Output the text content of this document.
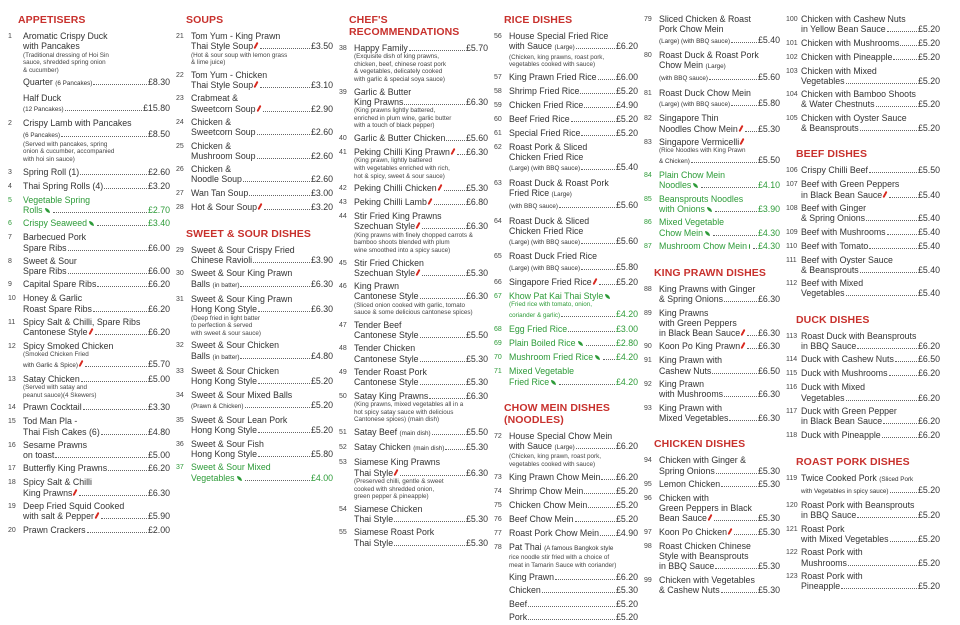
APPETISERS
1	Aromatic Crispy Duck
with Pancakes
(Traditional dressing of Hoi Sin
sauce, shredded spring onion
& cucumber)
Quarter
(6 Pancakes)	£8.30
Half Duck
(12 Pancakes)	£15.80
2	Crispy Lamb with Pancakes
(6 Pancakes)	£8.50
(Served with pancakes, spring
onion & cucumber, accompanied
with hoi sin sauce)
3	Spring Roll (1)	£2.60
4	Thai Spring Rolls (4)	£3.20
5	Vegetable Spring
Rolls	£2.70
6	Crispy Seaweed	£3.40
7	Barbecued Pork
Spare Ribs	£6.00
8	Sweet & Sour
Spare Ribs	£6.00
9	Capital Spare Ribs	£6.20
10 Honey & Garlic
Roast Spare Ribs	£6.20
11 Spicy Salt & Chilli, Spare Ribs
Cantonese Style	£6.20
12 Spicy Smoked Chicken
(Smoked Chicken Fried
with Garlic & Spice)	£5.70
13 Satay Chicken	£5.00
(Served with satay and
peanut sauce)(4 Skewers)
14 Prawn Cocktail	£3.30
15 Tod Man Pla -
Thai Fish Cakes (6)	£4.80
16 Sesame Prawns
on toast	£5.00
17 Butterfly King Prawns	£6.20
18 Spicy Salt & Chilli
King Prawns	£6.30
19 Deep Fried Squid Cooked
with salt & Pepper	£5.90
20 Prawn Crackers	£2.00
SOUPS
21 Tom Yum - King Prawn
Thai Style Soup	£3.50
(Hot & sour soup with lemon grass
& lime juice)
22 Tom Yum - Chicken
Thai Style Soup	£3.10
23 Crabmeat &
Sweetcorn Soup	£2.90
24 Chicken &
Sweetcorn Soup	£2.60
25 Chicken &
Mushroom Soup	£2.60
26 Chicken &
Noodle Soup	£2.60
27 Wan Tan Soup	£3.00
28 Hot & Sour Soup	£3.20
SWEET & SOUR DISHES
29 Sweet & Sour Crispy Fried
Chinese Ravioli	£3.90
30 Sweet & Sour King Prawn
Balls
(in batter)	£6.30
31 Sweet & Sour King Prawn
Hong Kong Style	£6.30
(Deep fried in light batter
to perfection & served
with sweet & sour sauce)
32 Sweet & Sour Chicken
Balls
(in batter)	£4.80
33 Sweet & Sour Chicken
Hong Kong Style	£5.20
34 Sweet & Sour Mixed Balls
(Prawn & Chicken)	£5.20
35 Sweet & Sour Lean Pork
Hong Kong Style	£5.20
36 Sweet & Sour Fish
Hong Kong Style	£5.80
37 Sweet & Sour Mixed
Vegetables	£4.00
CHEF'S RECOMMENDATIONS
38 Happy Family	£5.70
(Exquisite dish of king prawns,
chicken, beef, chinese roast pork
& vegetables, delicately cooked
with garlic & special soya sauce)
39 Garlic & Butter
King Prawns	£6.30
(King prawns lightly battered,
enriched in plum wine, garlic butter
with a touch of black pepper)
40 Garlic & Butter Chicken £5.60
41 Peking Chilli King Prawn £6.30
(King prawn, lightly battered
with vegetables enriched with rich,
hot & spicy, sweet & sour sauce)
42 Peking Chilli Chicken	£5.30
43 Peking Chilli Lamb	£6.80
44 Stir Fried King Prawns
Szechuan Style	£6.30
(King prawns with finely chopped carrots &
bamboo shoots blended with plum
wine smoothed into a spicy sauce)
45 Stir Fried Chicken
Szechuan Style	£5.30
46 King Prawn
Cantonese Style	£6.30
(Sliced onion cooked with garlic, tomato
sauce & some delicious cantonese spices)
47 Tender Beef
Cantonese Style	£5.50
48 Tender Chicken
Cantonese Style	£5.30
49 Tender Roast Pork
Cantonese Style	£5.30
50 Satay King Prawns	£6.30
(King prawns, mixed vegetables all in a
hot spicy satay sauce with delicious
Cantonese spices) (main dish)
51 Satay Beef
(main dish)	£5.50
52 Satay Chicken
(main dish) £5.30
53 Siamese King Prawns
Thai Style	£6.30
(Preserved chilli, gentle & sweet
cooked with shredded onion,
green pepper & pineapple)
54 Siamese Chicken
Thai Style	£5.30
55 Siamese Roast Pork
Thai Style	£5.30
RICE DISHES
56 House Special Fried Rice
with Sauce
(Large)	£6.20
(Chicken, king prawns, roast pork,
vegetables cooked with sauce)
57 King Prawn Fried Rice £6.00
58 Shrimp Fried Rice	£5.20
59 Chicken Fried Rice	£4.90
60 Beef Fried Rice	£5.20
61 Special Fried Rice	£5.20
62 Roast Pork & Sliced
Chicken Fried Rice
(Large) (with BBQ sauce)	£5.40
63 Roast Duck & Roast Pork
Fried Rice
(Large)
(with BBQ sauce)	£5.60
64 Roast Duck & Sliced
Chicken Fried Rice
(Large) (with BBQ sauce)	£5.60
65 Roast Duck Fried Rice
(Large) (with BBQ sauce)	£5.80
66 Singapore Fried Rice	£5.20
67 Khow Pat Kai Thai Style
(Fried rice with tomato, onion,
coriander & garlic)	£4.20
68 Egg Fried Rice	£3.00
69 Plain Boiled Rice	£2.80
70 Mushroom Fried Rice	£4.20
71 Mixed Vegetable
Fried Rice	£4.20
CHOW MEIN DISHES (NOODLES)
72 House Special Chow Mein
with Sauce
(Large)	£6.20
(Chicken, king prawn, roast pork,
vegetables cooked with sauce)
73 King Prawn Chow Mein £6.20
74 Shrimp Chow Mein	£5.20
75 Chicken Chow Mein	£5.20
76 Beef Chow Mein	£5.20
77 Roast Pork Chow Mein £4.90
78 Pat Thai
(A famous Bangkok style
rice noodle stir fried with a choice of
meat in Tamarin Sauce with coriander)
King Prawn	£6.20
Chicken	£5.30
Beef	£5.20
Pork	£5.20
79 Sliced Chicken & Roast
Pork Chow Mein
(Large) (with BBQ sauce)	£5.40
80 Roast Duck & Roast Pork
Chow Mein
(Large)
(with BBQ sauce)	£5.60
81 Roast Duck Chow Mein
(Large) (with BBQ sauce)	£5.80
82 Singapore Thin
Noodles Chow Mein £5.30
83 Singapore Vermicelli
(Rice Noodles with King Prawn
& Chicken)	£5.50
84 Plain Chow Mein
Noodles	£4.10
85 Beansprouts Noodles
with Onions	£3.90
86 Mixed Vegetable
Chow Mein	£4.30
87 Mushroom Chow Mein £4.30
KING PRAWN DISHES
88 King Prawns with Ginger
& Spring Onions	£6.30
89 King Prawns
with Green Peppers
in Black Bean Sauce £6.30
90 Koon Po King Prawn £6.30
91 King Prawn with
Cashew Nuts	£6.50
92 King Prawn
with Mushrooms	£6.30
93 King Prawn with
Mixed Vegetables	£6.30
CHICKEN DISHES
94 Chicken with Ginger &
Spring Onions	£5.30
95 Lemon Chicken	£5.30
96 Chicken with
Green Peppers in Black
Bean Sauce	£5.30
97 Koon Po Chicken	£5.30
98 Roast Chicken Chinese
Style with Beansprouts
in BBQ Sauce	£5.30
99 Chicken with Vegetables
& Cashew Nuts	£5.30
100 Chicken with Cashew Nuts
in Yellow Bean Sauce	£5.20
101 Chicken with Mushrooms £5.20
102 Chicken with Pineapple	£5.20
103 Chicken with Mixed
Vegetables	£5.20
104 Chicken with Bamboo Shoots
& Water Chestnuts	£5.20
105 Chicken with Oyster Sauce
& Beansprouts	£5.20
BEEF DISHES
106 Crispy Chilli Beef	£5.50
107 Beef with Green Peppers
in Black Bean Sauce	£5.40
108 Beef with Ginger
& Spring Onions	£5.40
109 Beef with Mushrooms	£5.40
110 Beef with Tomato	£5.40
111 Beef with Oyster Sauce
& Beansprouts	£5.40
112 Beef with Mixed
Vegetables	£5.40
DUCK DISHES
113 Roast Duck with Beansprouts
in BBQ Sauce	£6.20
114 Duck with Cashew Nuts	£6.50
115 Duck with Mushrooms	£6.20
116 Duck with Mixed
Vegetables	£6.20
117 Duck with Green Pepper
in Black Bean Sauce	£6.20
118 Duck with Pineapple	£6.20
ROAST PORK DISHES
119 Twice Cooked Pork
(Sliced Pork
with Vegetables in spicy sauce)	£5.20
120 Roast Pork with Beansprouts
in BBQ Sauce	£5.20
121 Roast Pork
with Mixed Vegetables	£5.20
122 Roast Pork with
Mushrooms	£5.20
123 Roast Pork with
Pineapple	£5.20
